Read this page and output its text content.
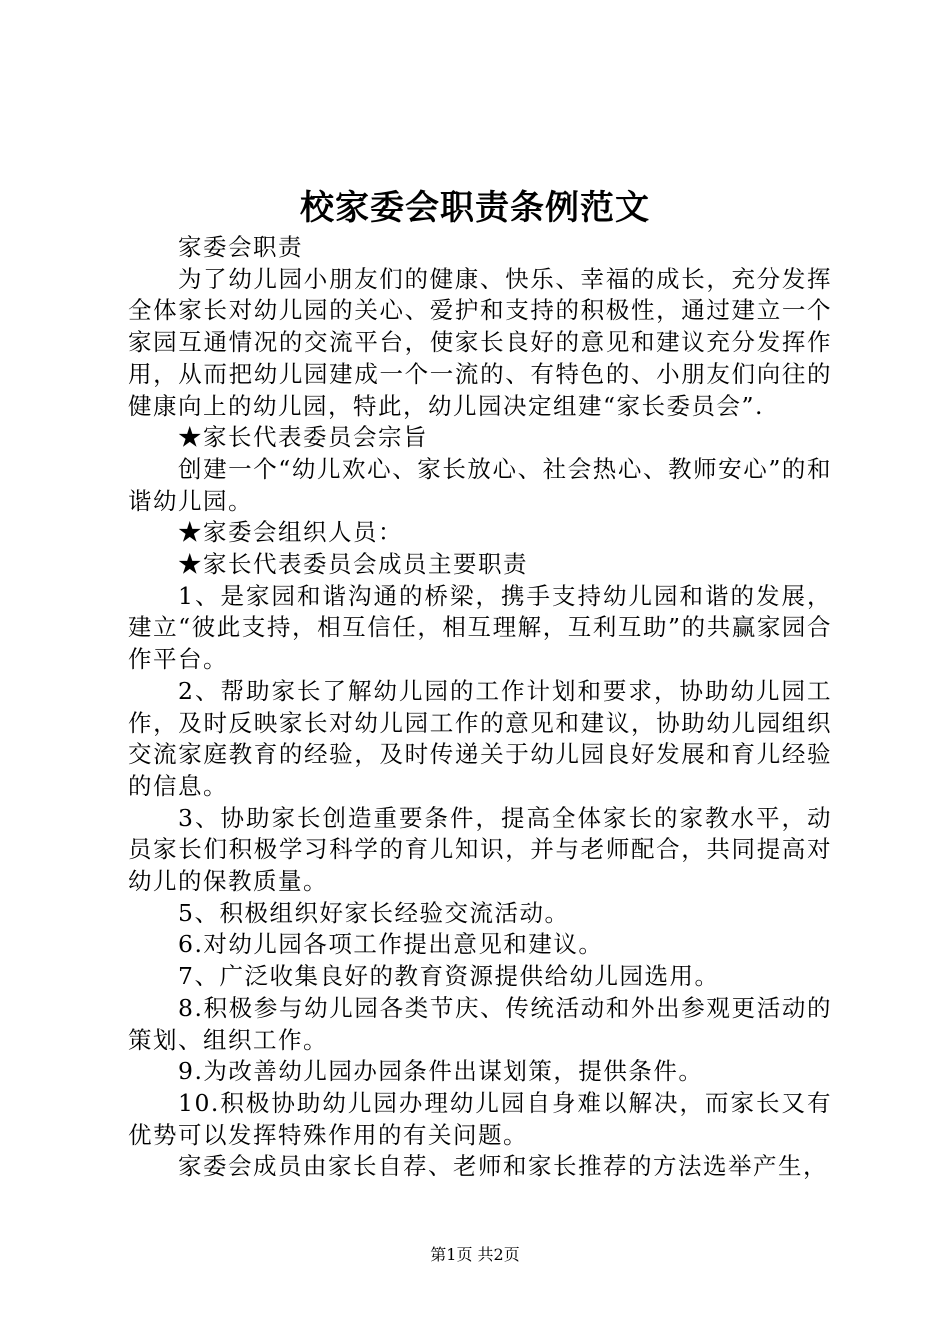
校家委会职责条例范文

家委会职责

为了幼儿园小朋友们的健康、快乐、幸福的成长，充分发挥全体家长对幼儿园的关心、爱护和支持的积极性，通过建立一个家园互通情况的交流平台，使家长良好的意见和建议充分发挥作用，从而把幼儿园建成一个一流的、有特色的、小朋友们向往的健康向上的幼儿园，特此，幼儿园决定组建“家长委员会”.

★家长代表委员会宗旨

创建一个“幼儿欢心、家长放心、社会热心、教师安心”的和谐幼儿园。

★家委会组织人员：

★家长代表委员会成员主要职责

1、是家园和谐沟通的桥梁，携手支持幼儿园和谐的发展，建立“彼此支持，相互信任，相互理解，互利互助”的共赢家园合作平台。

2、帮助家长了解幼儿园的工作计划和要求，协助幼儿园工作，及时反映家长对幼儿园工作的意见和建议，协助幼儿园组织交流家庭教育的经验，及时传递关于幼儿园良好发展和育儿经验的信息。

3、协助家长创造重要条件，提高全体家长的家教水平，动员家长们积极学习科学的育儿知识，并与老师配合，共同提高对幼儿的保教质量。

5、积极组织好家长经验交流活动。

6.对幼儿园各项工作提出意见和建议。

7、广泛收集良好的教育资源提供给幼儿园选用。

8.积极参与幼儿园各类节庆、传统活动和外出参观更活动的策划、组织工作。

9.为改善幼儿园办园条件出谋划策，提供条件。

10.积极协助幼儿园办理幼儿园自身难以解决，而家长又有优势可以发挥特殊作用的有关问题。

家委会成员由家长自荐、老师和家长推荐的方法选举产生，

第1页 共2页
